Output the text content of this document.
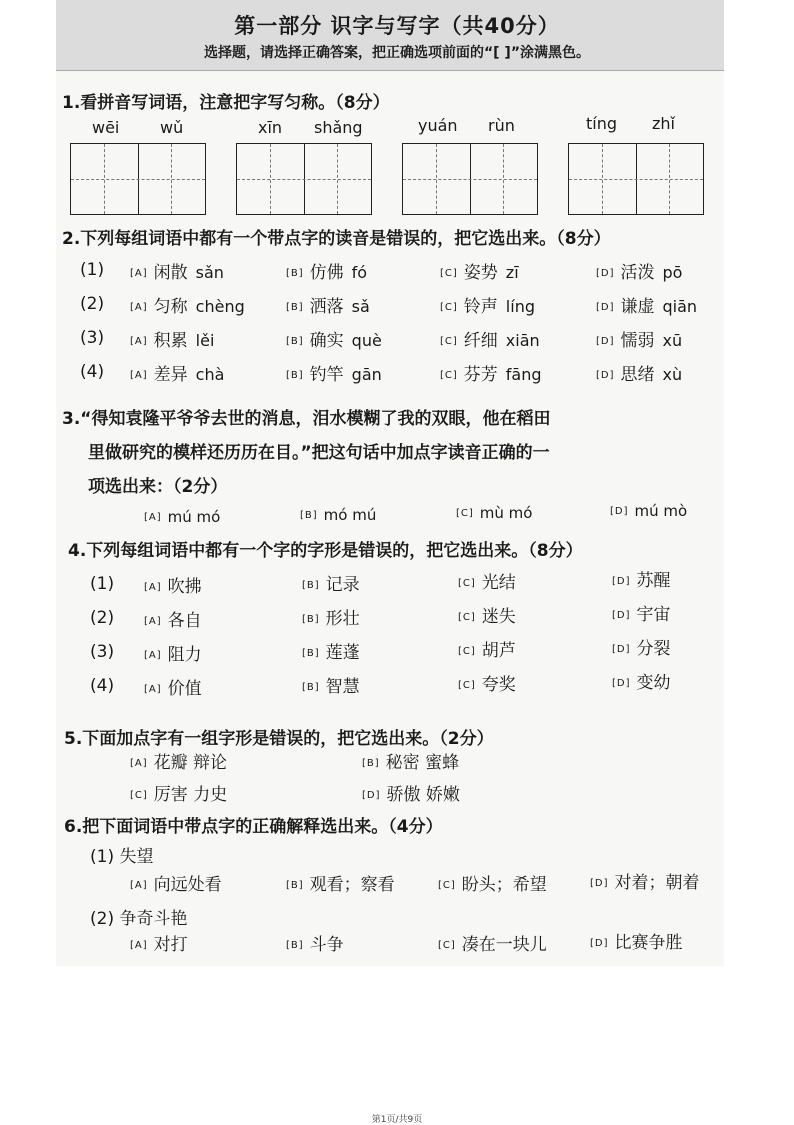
第一部分 识字与写字（共40分）
选择题，请选择正确答案，把正确选项前面的“[ ]”涂满黑色。
1.看拼音写词语，注意把字写匀称。（8分）
wēi	wǔ	xīn shǎng	yuán rùn	tíng zhǐ
2.下列每组词语中都有一个带点字的读音是错误的，把它选出来。（8分）
(1)	[A] 闲散 sǎn	[B] 仿佛 fó	[C] 姿势 zī	[D] 活泼 pō
(2)	[A] 匀称 chèng	[B] 洒落 sǎ	[C] 铃声 líng	[D] 谦虚 qiān
(3)	[A] 积累 lěi	[B] 确实 què	[C] 纤细 xiān	[D] 懦弱 xū
(4)	[A] 差异 chà	[B] 钓竿 gān	[C] 芬芳 fāng	[D] 思绪 xù
3.“得知袁隆平爷爷去世的消息，泪水模糊了我的双眼，他在稻田
里做研究的模样还历历在目。”把这句话中加点字读音正确的一
项选出来：（2分）
[A] mú mó	[B] mó mú	[C] mù mó	[D] mú mò
4.下列每组词语中都有一个字的字形是错误的，把它选出来。（8分）
(1)	[A] 吹拂	[B] 记录	[C] 光结	[D] 苏醒
(2)	[A] 各自	[B] 形壮	[C] 迷失	[D] 宇宙
(3)	[A] 阻力	[B] 莲蓬	[C] 胡芦	[D] 分裂
(4)	[A] 价值	[B] 智慧	[C] 夸奖	[D] 变幼
5.下面加点字有一组字形是错误的，把它选出来。（2分）
[A] 花瓣 辩论	[B] 秘密 蜜蜂
[C] 厉害 力史	[D] 骄傲 娇嫩
6.把下面词语中带点字的正确解释选出来。（4分）
(1) 失望
[A] 向远处看	[B] 观看；察看	[C] 盼头；希望	[D] 对着；朝着
(2) 争奇斗艳
[A] 对打	[B] 斗争	[C] 凑在一块儿	[D] 比赛争胜
第1页/共9页
